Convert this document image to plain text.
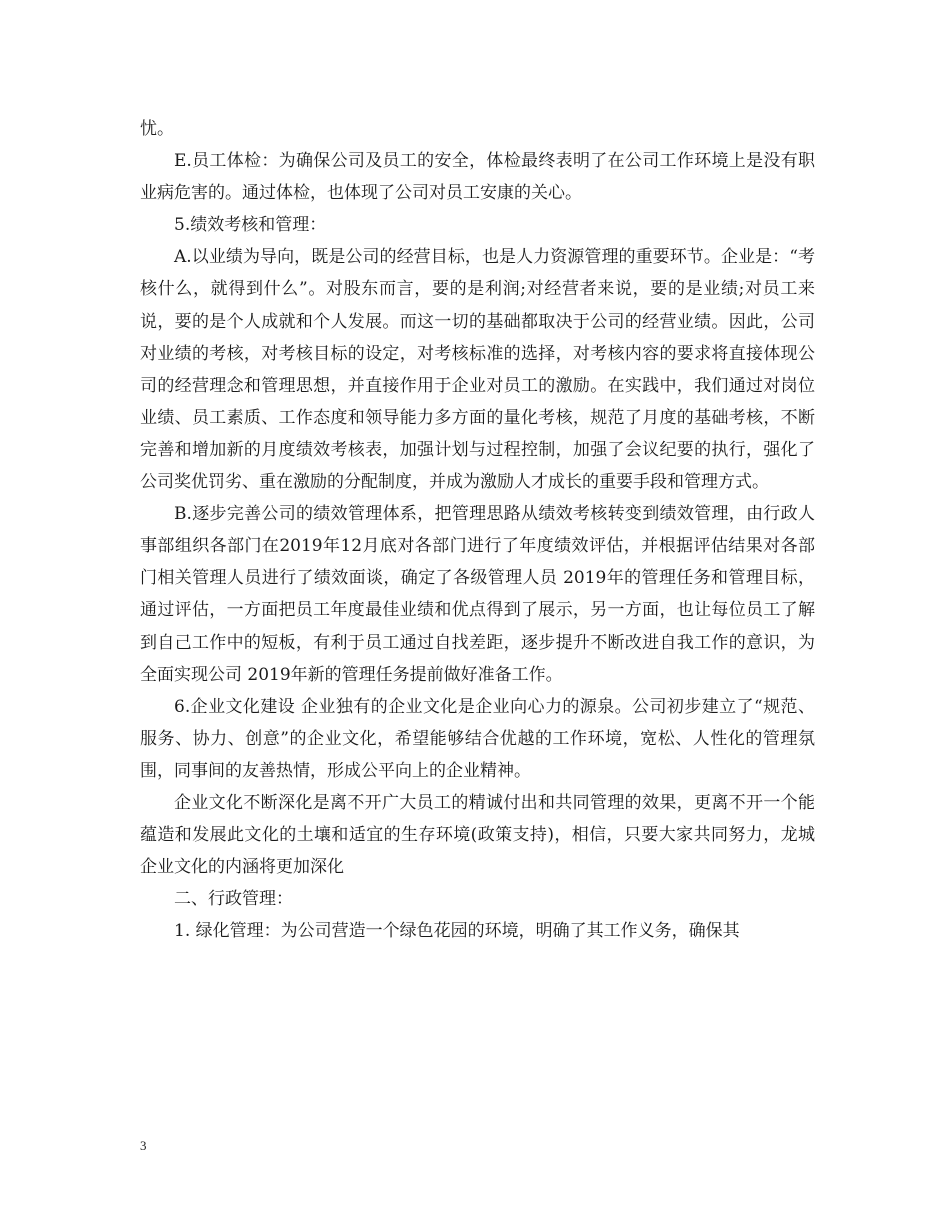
忧。

E.员工体检：为确保公司及员工的安全，体检最终表明了在公司工作环境上是没有职业病危害的。通过体检，也体现了公司对员工安康的关心。

5.绩效考核和管理：

A.以业绩为导向，既是公司的经营目标，也是人力资源管理的重要环节。企业是：“考核什么，就得到什么”。对股东而言，要的是利润;对经营者来说，要的是业绩;对员工来说，要的是个人成就和个人发展。而这一切的基础都取决于公司的经营业绩。因此，公司对业绩的考核，对考核目标的设定，对考核标准的选择，对考核内容的要求将直接体现公司的经营理念和管理思想，并直接作用于企业对员工的激励。在实践中，我们通过对岗位业绩、员工素质、工作态度和领导能力多方面的量化考核，规范了月度的基础考核，不断完善和增加新的月度绩效考核表，加强计划与过程控制，加强了会议纪要的执行，强化了公司奖优罚劣、重在激励的分配制度，并成为激励人才成长的重要手段和管理方式。

B.逐步完善公司的绩效管理体系，把管理思路从绩效考核转变到绩效管理，由行政人事部组织各部门在2019年12月底对各部门进行了年度绩效评估，并根据评估结果对各部门相关管理人员进行了绩效面谈，确定了各级管理人员 2019年的管理任务和管理目标，通过评估，一方面把员工年度最佳业绩和优点得到了展示，另一方面，也让每位员工了解到自己工作中的短板，有利于员工通过自找差距，逐步提升不断改进自我工作的意识，为全面实现公司 2019年新的管理任务提前做好准备工作。

6.企业文化建设 企业独有的企业文化是企业向心力的源泉。公司初步建立了“规范、服务、协力、创意”的企业文化，希望能够结合优越的工作环境，宽松、人性化的管理氛围，同事间的友善热情，形成公平向上的企业精神。

企业文化不断深化是离不开广大员工的精诚付出和共同管理的效果，更离不开一个能蕴造和发展此文化的土壤和适宜的生存环境(政策支持)，相信，只要大家共同努力，龙城企业文化的内涵将更加深化

二、行政管理：

1. 绿化管理：为公司营造一个绿色花园的环境，明确了其工作义务，确保其

3
